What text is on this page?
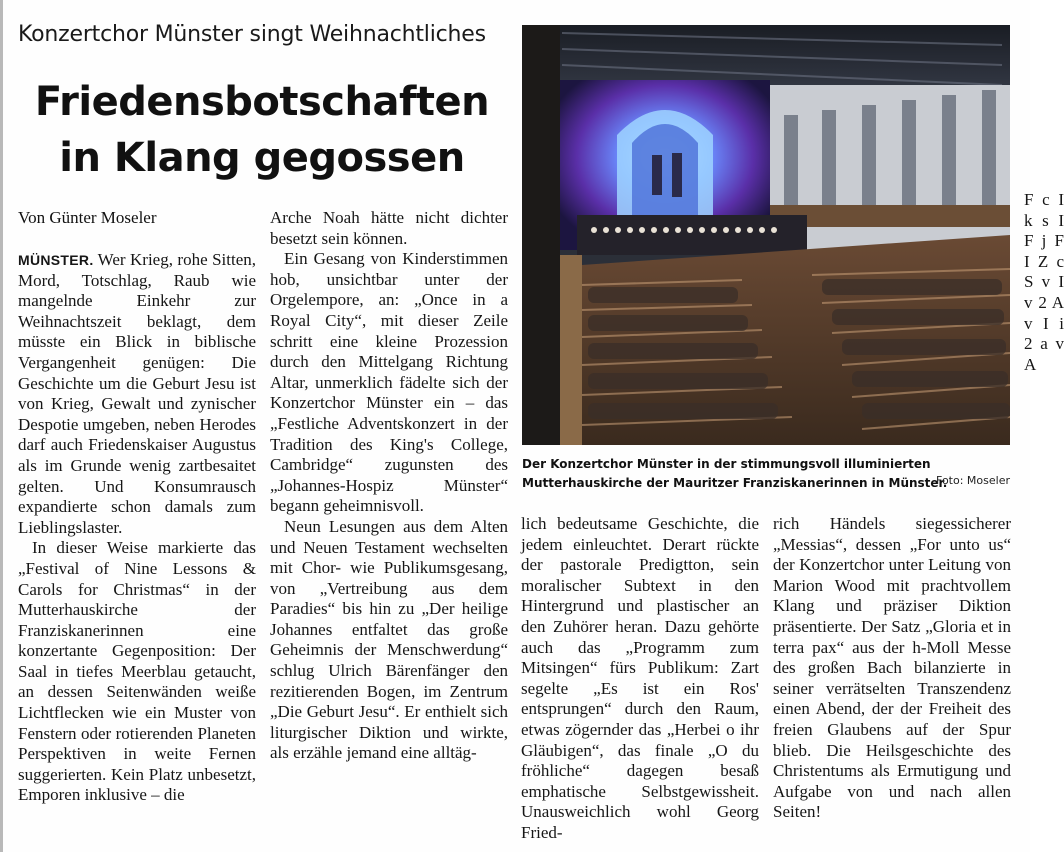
Konzertchor Münster singt Weihnachtliches
Friedensbotschaften
in Klang gegossen
Von Günter Moseler

MÜNSTER. Wer Krieg, rohe Sitten, Mord, Totschlag, Raub wie mangelnde Einkehr zur Weihnachtszeit beklagt, dem müsste ein Blick in biblische Vergangenheit genügen: Die Geschichte um die Geburt Jesu ist von Krieg, Gewalt und zynischer Despotie umgeben, neben Herodes darf auch Friedenskaiser Augustus als im Grunde wenig zartbesaitet gelten. Und Konsumrausch expandierte schon damals zum Lieblingslaster.

In dieser Weise markierte das „Festival of Nine Lessons & Carols for Christmas“ in der Mutterhauskirche der Franziskanerinnen eine konzertante Gegenposition: Der Saal in tiefes Meerblau getaucht, an dessen Seitenwänden weiße Lichtflecken wie ein Muster von Fenstern oder rotierenden Planeten Perspektiven in weite Fernen suggerierten. Kein Platz unbesetzt, Emporen inklusive – die

Arche Noah hätte nicht dichter besetzt sein können.

Ein Gesang von Kinderstimmen hob, unsichtbar unter der Orgelempore, an: „Once in a Royal City“, mit dieser Zeile schritt eine kleine Prozession durch den Mittelgang Richtung Altar, unmerklich fädelte sich der Konzertchor Münster ein – das „Festliche Adventskonzert in der Tradition des King's College, Cambridge“ zugunsten des „Johannes-Hospiz Münster“ begann geheimnisvoll.

Neun Lesungen aus dem Alten und Neuen Testament wechselten mit Chor- wie Publikumsgesang, von „Vertreibung aus dem Paradies“ bis hin zu „Der heilige Johannes entfaltet das große Geheimnis der Menschwerdung“ schlug Ulrich Bärenfänger den rezitierenden Bogen, im Zentrum „Die Geburt Jesu“. Er enthielt sich liturgischer Diktion und wirkte, als erzähle jemand eine alltäg-

Der Konzertchor Münster in der stimmungsvoll illuminierten Mutterhauskirche der Mauritzer Franziskanerinnen in Münster.
Foto: Moseler

lich bedeutsame Geschichte, die jedem einleuchtet. Derart rückte der pastorale Predigtton, sein moralischer Subtext in den Hintergrund und plastischer an den Zuhörer heran. Dazu gehörte auch das „Programm zum Mitsingen“ fürs Publikum: Zart segelte „Es ist ein Ros' entsprungen“ durch den Raum, etwas zögernder das „Herbei o ihr Gläubigen“, das finale „O du fröhliche“ dagegen besaß emphatische Selbstgewissheit. Unausweichlich wohl Georg Fried-

rich Händels siegessicherer „Messias“, dessen „For unto us“ der Konzertchor unter Leitung von Marion Wood mit prachtvollem Klang und präziser Diktion präsentierte. Der Satz „Gloria et in terra pax“ aus der h-Moll Messe des großen Bach bilanzierte in seiner verrätselten Transzendenz einen Abend, der der Freiheit des freien Glaubens auf der Spur blieb. Die Heilsgeschichte des Christentums als Ermutigung und Aufgabe von und nach allen Seiten!

F c I k s I F j F I Z c S v I v 2 A v I i 2 a v A
